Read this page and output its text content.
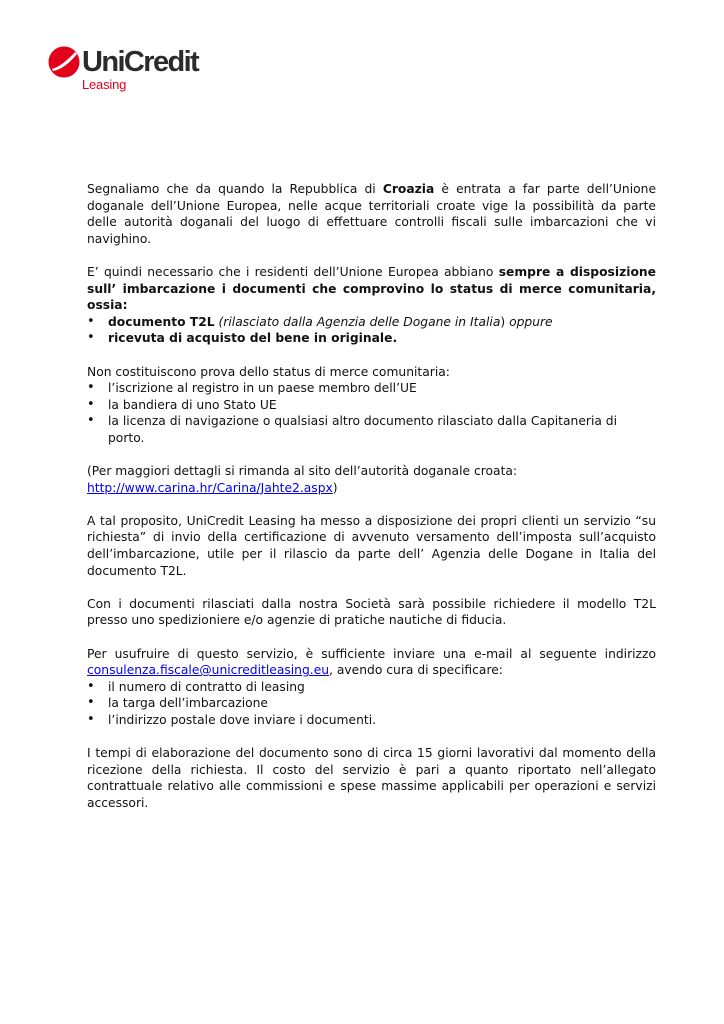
UniCredit
Leasing

Segnaliamo che da quando la Repubblica di Croazia è entrata a far parte dell’Unione doganale dell’Unione Europea, nelle acque territoriali croate vige la possibilità da parte delle autorità doganali del luogo di effettuare controlli fiscali sulle imbarcazioni che vi navighino.

E’ quindi necessario che i residenti dell’Unione Europea abbiano sempre a disposizione sull’ imbarcazione i documenti che comprovino lo status di merce comunitaria, ossia:

• documento T2L (rilasciato dalla Agenzia delle Dogane in Italia) oppure
• ricevuta di acquisto del bene in originale.

Non costituiscono prova dello status di merce comunitaria:

• l’iscrizione al registro in un paese membro dell’UE
• la bandiera di uno Stato UE
• la licenza di navigazione o qualsiasi altro documento rilasciato dalla Capitaneria di porto.

(Per maggiori dettagli si rimanda al sito dell’autorità doganale croata:
http://www.carina.hr/Carina/Jahte2.aspx)

A tal proposito, UniCredit Leasing ha messo a disposizione dei propri clienti un servizio “su richiesta” di invio della certificazione di avvenuto versamento dell’imposta sull’acquisto dell’imbarcazione, utile per il rilascio da parte dell’ Agenzia delle Dogane in Italia del documento T2L.

Con i documenti rilasciati dalla nostra Società sarà possibile richiedere il modello T2L presso uno spedizioniere e/o agenzie di pratiche nautiche di fiducia.

Per usufruire di questo servizio, è sufficiente inviare una e-mail al seguente indirizzo
consulenza.fiscale@unicreditleasing.eu, avendo cura di specificare:

• il numero di contratto di leasing
• la targa dell’imbarcazione
• l’indirizzo postale dove inviare i documenti.

I tempi di elaborazione del documento sono di circa 15 giorni lavorativi dal momento della ricezione della richiesta. Il costo del servizio è pari a quanto riportato nell’allegato contrattuale relativo alle commissioni e spese massime applicabili per operazioni e servizi accessori.
